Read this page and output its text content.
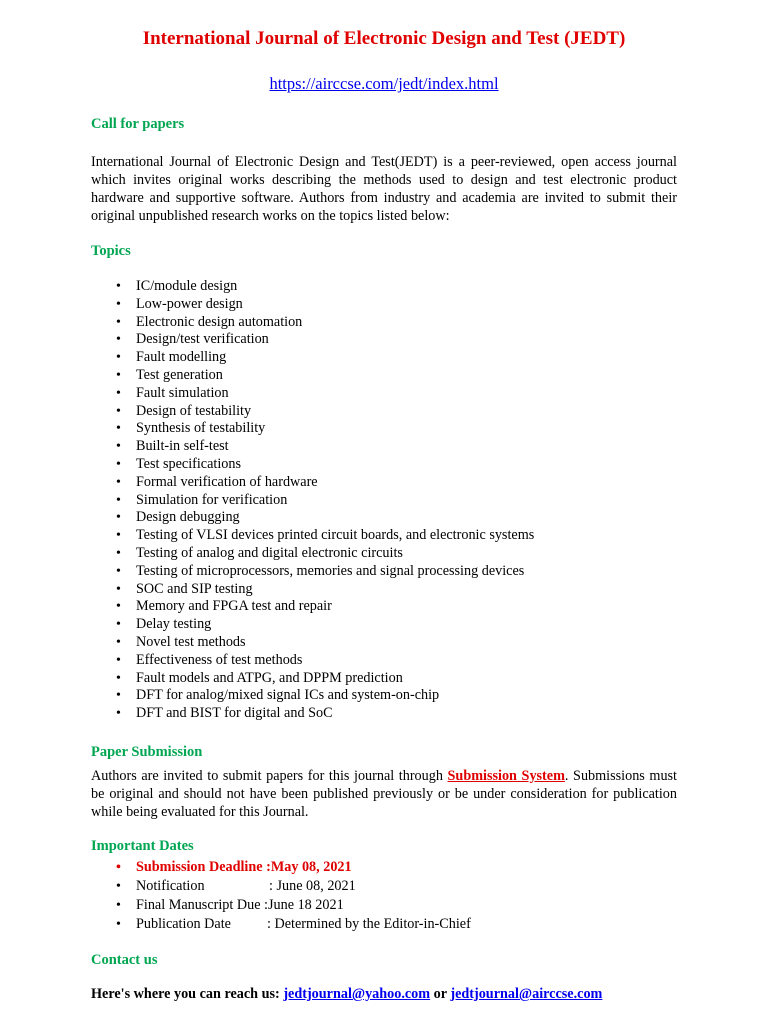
International Journal of Electronic Design and Test (JEDT)
https://airccse.com/jedt/index.html
Call for papers

International Journal of Electronic Design and Test(JEDT) is a peer-reviewed, open access journal which invites original works describing the methods used to design and test electronic product hardware and supportive software. Authors from industry and academia are invited to submit their original unpublished research works on the topics listed below:

Topics
• IC/module design
• Low-power design
• Electronic design automation
• Design/test verification
• Fault modelling
• Test generation
• Fault simulation
• Design of testability
• Synthesis of testability
• Built-in self-test
• Test specifications
• Formal verification of hardware
• Simulation for verification
• Design debugging
• Testing of VLSI devices printed circuit boards, and electronic systems
• Testing of analog and digital electronic circuits
• Testing of microprocessors, memories and signal processing devices
• SOC and SIP testing
• Memory and FPGA test and repair
• Delay testing
• Novel test methods
• Effectiveness of test methods
• Fault models and ATPG, and DPPM prediction
• DFT for analog/mixed signal ICs and system-on-chip
• DFT and BIST for digital and SoC
Paper Submission

Authors are invited to submit papers for this journal through Submission System. Submissions must be original and should not have been published previously or be under consideration for publication while being evaluated for this Journal.

Important Dates
• Submission Deadline :May 08, 2021
• Notification	: June 08, 2021
• Final Manuscript Due :June 18 2021
• Publication Date	: Determined by the Editor-in-Chief
Contact us
Here's where you can reach us: jedtjournal@yahoo.com or jedtjournal@airccse.com
